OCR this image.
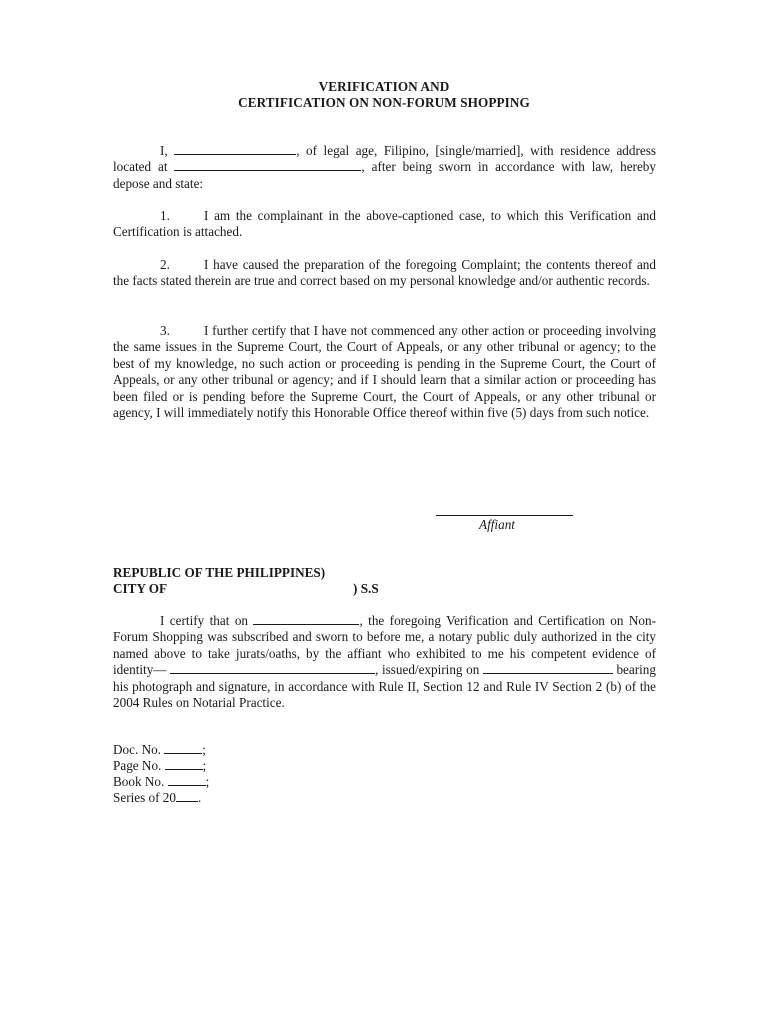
VERIFICATION AND
CERTIFICATION ON NON-FORUM SHOPPING
I,	, of legal age, Filipino, [single/married], with residence address located at	, after being sworn in accordance with law, hereby depose and state:
1.	I am the complainant in the above-captioned case, to which this Verification and Certification is attached.
2.	I have caused the preparation of the foregoing Complaint; the contents thereof and the facts stated therein are true and correct based on my personal knowledge and/or authentic records.
3.	I further certify that I have not commenced any other action or proceeding involving the same issues in the Supreme Court, the Court of Appeals, or any other tribunal or agency; to the best of my knowledge, no such action or proceeding is pending in the Supreme Court, the Court of Appeals, or any other tribunal or agency; and if I should learn that a similar action or proceeding has been filed or is pending before the Supreme Court, the Court of Appeals, or any other tribunal or agency, I will immediately notify this Honorable Office thereof within five (5) days from such notice.
Affiant
REPUBLIC OF THE PHILIPPINES)
CITY OF	) S.S
I certify that on	, the foregoing Verification and Certification on Non-Forum Shopping was subscribed and sworn to before me, a notary public duly authorized in the city named above to take jurats/oaths, by the affiant who exhibited to me his competent evidence of identity—	, issued/expiring on	bearing his photograph and signature, in accordance with Rule II, Section 12 and Rule IV Section 2 (b) of the 2004 Rules on Notarial Practice.
Doc. No.	;
Page No.	;
Book No.	;
Series of 20 .
